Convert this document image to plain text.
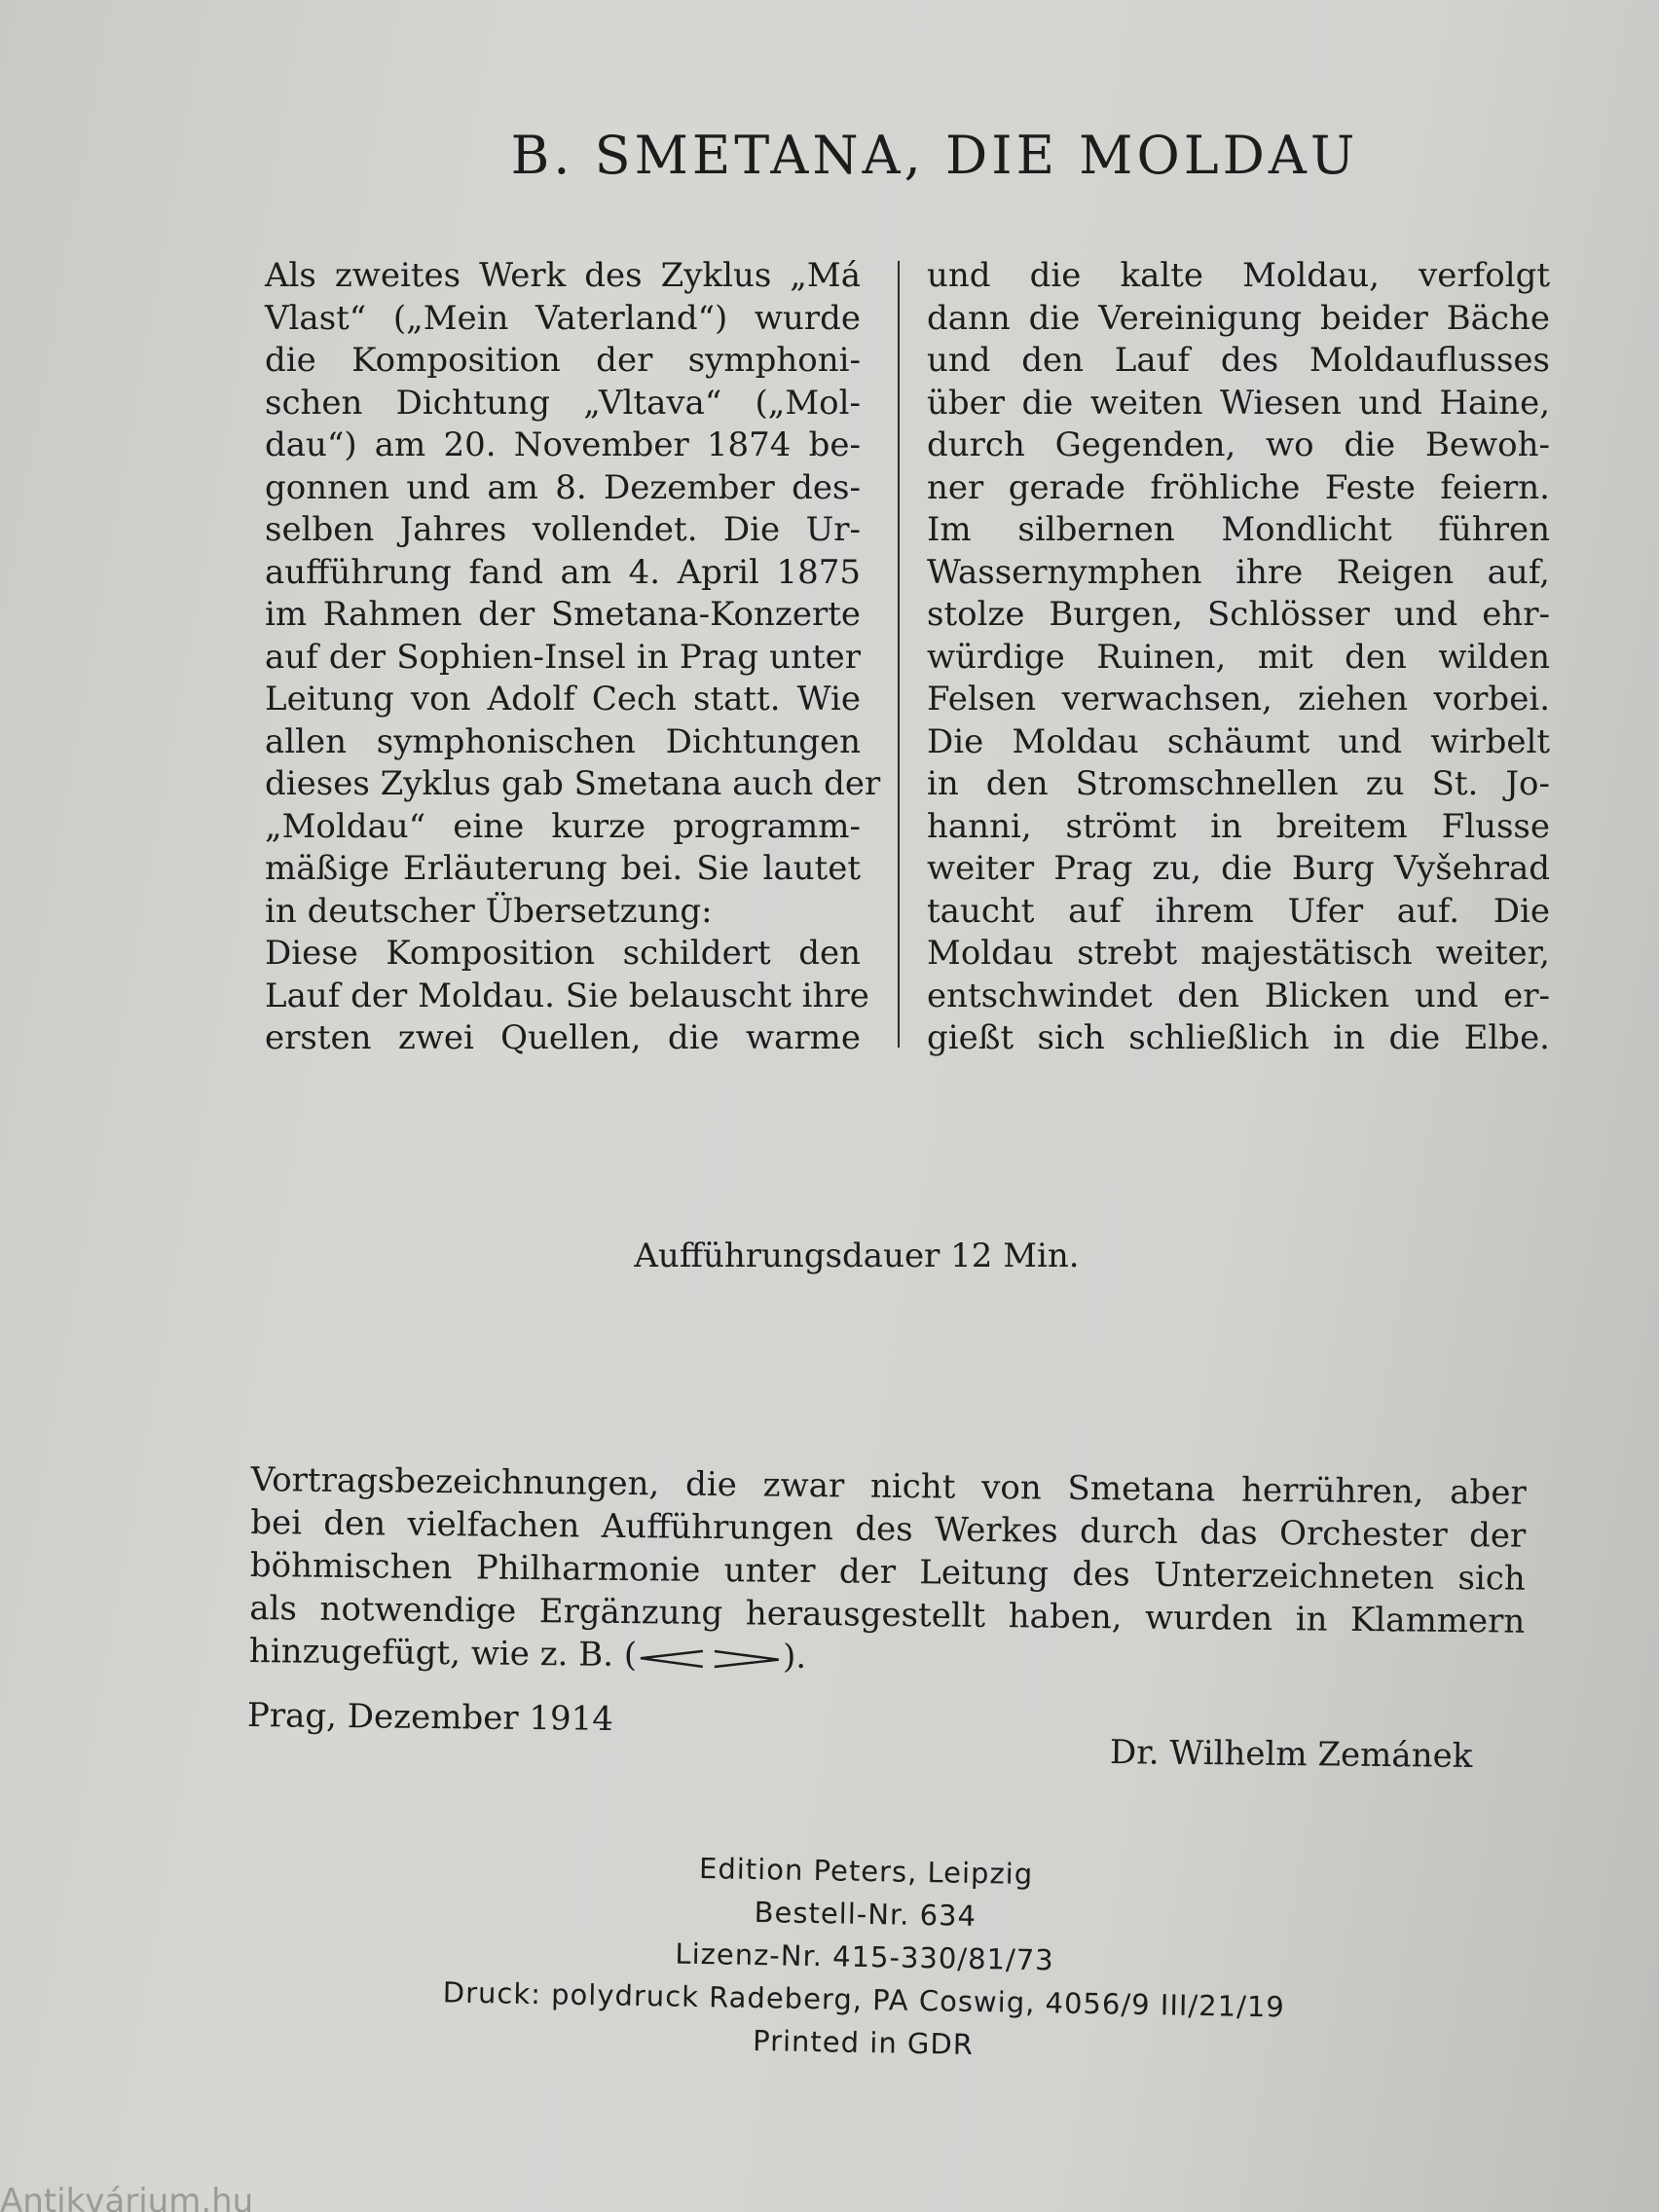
B. SMETANA, DIE MOLDAU
Als zweites Werk des Zyklus „Má
Vlast“ („Mein Vaterland“) wurde
die Komposition der symphoni-
schen Dichtung „Vltava“ („Mol-
dau“) am 20. November 1874 be-
gonnen und am 8. Dezember des-
selben Jahres vollendet. Die Ur-
aufführung fand am 4. April 1875
im Rahmen der Smetana-Konzerte
auf der Sophien-Insel in Prag unter
Leitung von Adolf Cech statt. Wie
allen symphonischen Dichtungen
dieses Zyklus gab Smetana auch der
„Moldau“ eine kurze programm-
mäßige Erläuterung bei. Sie lautet
in deutscher Übersetzung:
Diese Komposition schildert den
Lauf der Moldau. Sie belauscht ihre
ersten zwei Quellen, die warme
und die kalte Moldau, verfolgt
dann die Vereinigung beider Bäche
und den Lauf des Moldauflusses
über die weiten Wiesen und Haine,
durch Gegenden, wo die Bewoh-
ner gerade fröhliche Feste feiern.
Im silbernen Mondlicht führen
Wassernymphen ihre Reigen auf,
stolze Burgen, Schlösser und ehr-
würdige Ruinen, mit den wilden
Felsen verwachsen, ziehen vorbei.
Die Moldau schäumt und wirbelt
in den Stromschnellen zu St. Jo-
hanni, strömt in breitem Flusse
weiter Prag zu, die Burg Vyšehrad
taucht auf ihrem Ufer auf. Die
Moldau strebt majestätisch weiter,
entschwindet den Blicken und er-
gießt sich schließlich in die Elbe.

Aufführungsdauer 12 Min.

Vortragsbezeichnungen, die zwar nicht von Smetana herrühren, aber
bei den vielfachen Aufführungen des Werkes durch das Orchester der
böhmischen Philharmonie unter der Leitung des Unterzeichneten sich
als notwendige Ergänzung herausgestellt haben, wurden in Klammern
hinzugefügt, wie z. B. (	).

Prag, Dezember 1914

Dr. Wilhelm Zemánek

Edition Peters, Leipzig
Bestell-Nr. 634
Lizenz-Nr. 415-330/81/73
Druck: polydruck Radeberg, PA Coswig, 4056/9 III/21/19
Printed in GDR
Antikvárium.hu
